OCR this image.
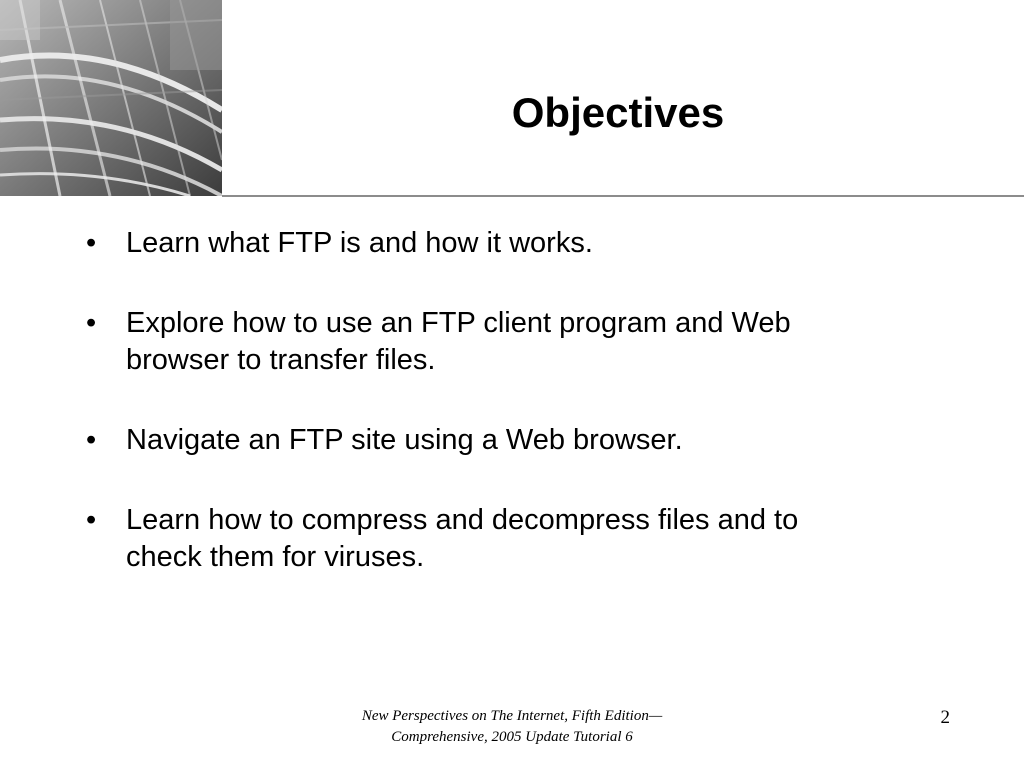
Objectives
•	Learn what FTP is and how it works.
•	Explore how to use an FTP client program and Web
browser to transfer files.
•	Navigate an FTP site using a Web browser.
•	Learn how to compress and decompress files and to
check them for viruses.
New Perspectives on The Internet, Fifth Edition—
Comprehensive, 2005 Update Tutorial 6
2
